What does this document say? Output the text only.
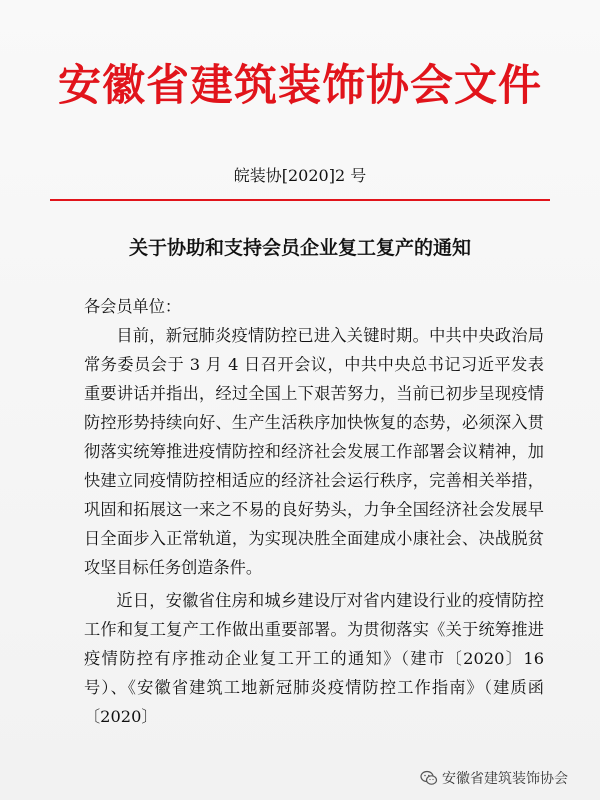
安徽省建筑装饰协会文件
皖装协[2020]2 号
关于协助和支持会员企业复工复产的通知

各会员单位：

目前，新冠肺炎疫情防控已进入关键时期。中共中央政治局常务委员会于 3 月 4 日召开会议，中共中央总书记习近平发表重要讲话并指出，经过全国上下艰苦努力，当前已初步呈现疫情防控形势持续向好、生产生活秩序加快恢复的态势，必须深入贯彻落实统筹推进疫情防控和经济社会发展工作部署会议精神，加快建立同疫情防控相适应的经济社会运行秩序，完善相关举措，巩固和拓展这一来之不易的良好势头，力争全国经济社会发展早日全面步入正常轨道，为实现决胜全面建成小康社会、决战脱贫攻坚目标任务创造条件。

近日，安徽省住房和城乡建设厅对省内建设行业的疫情防控工作和复工复产工作做出重要部署。为贯彻落实《关于统筹推进疫情防控有序推动企业复工开工的通知》（建市〔2020〕16 号）、《安徽省建筑工地新冠肺炎疫情防控工作指南》（建质函〔2020〕

安徽省建筑装饰协会
